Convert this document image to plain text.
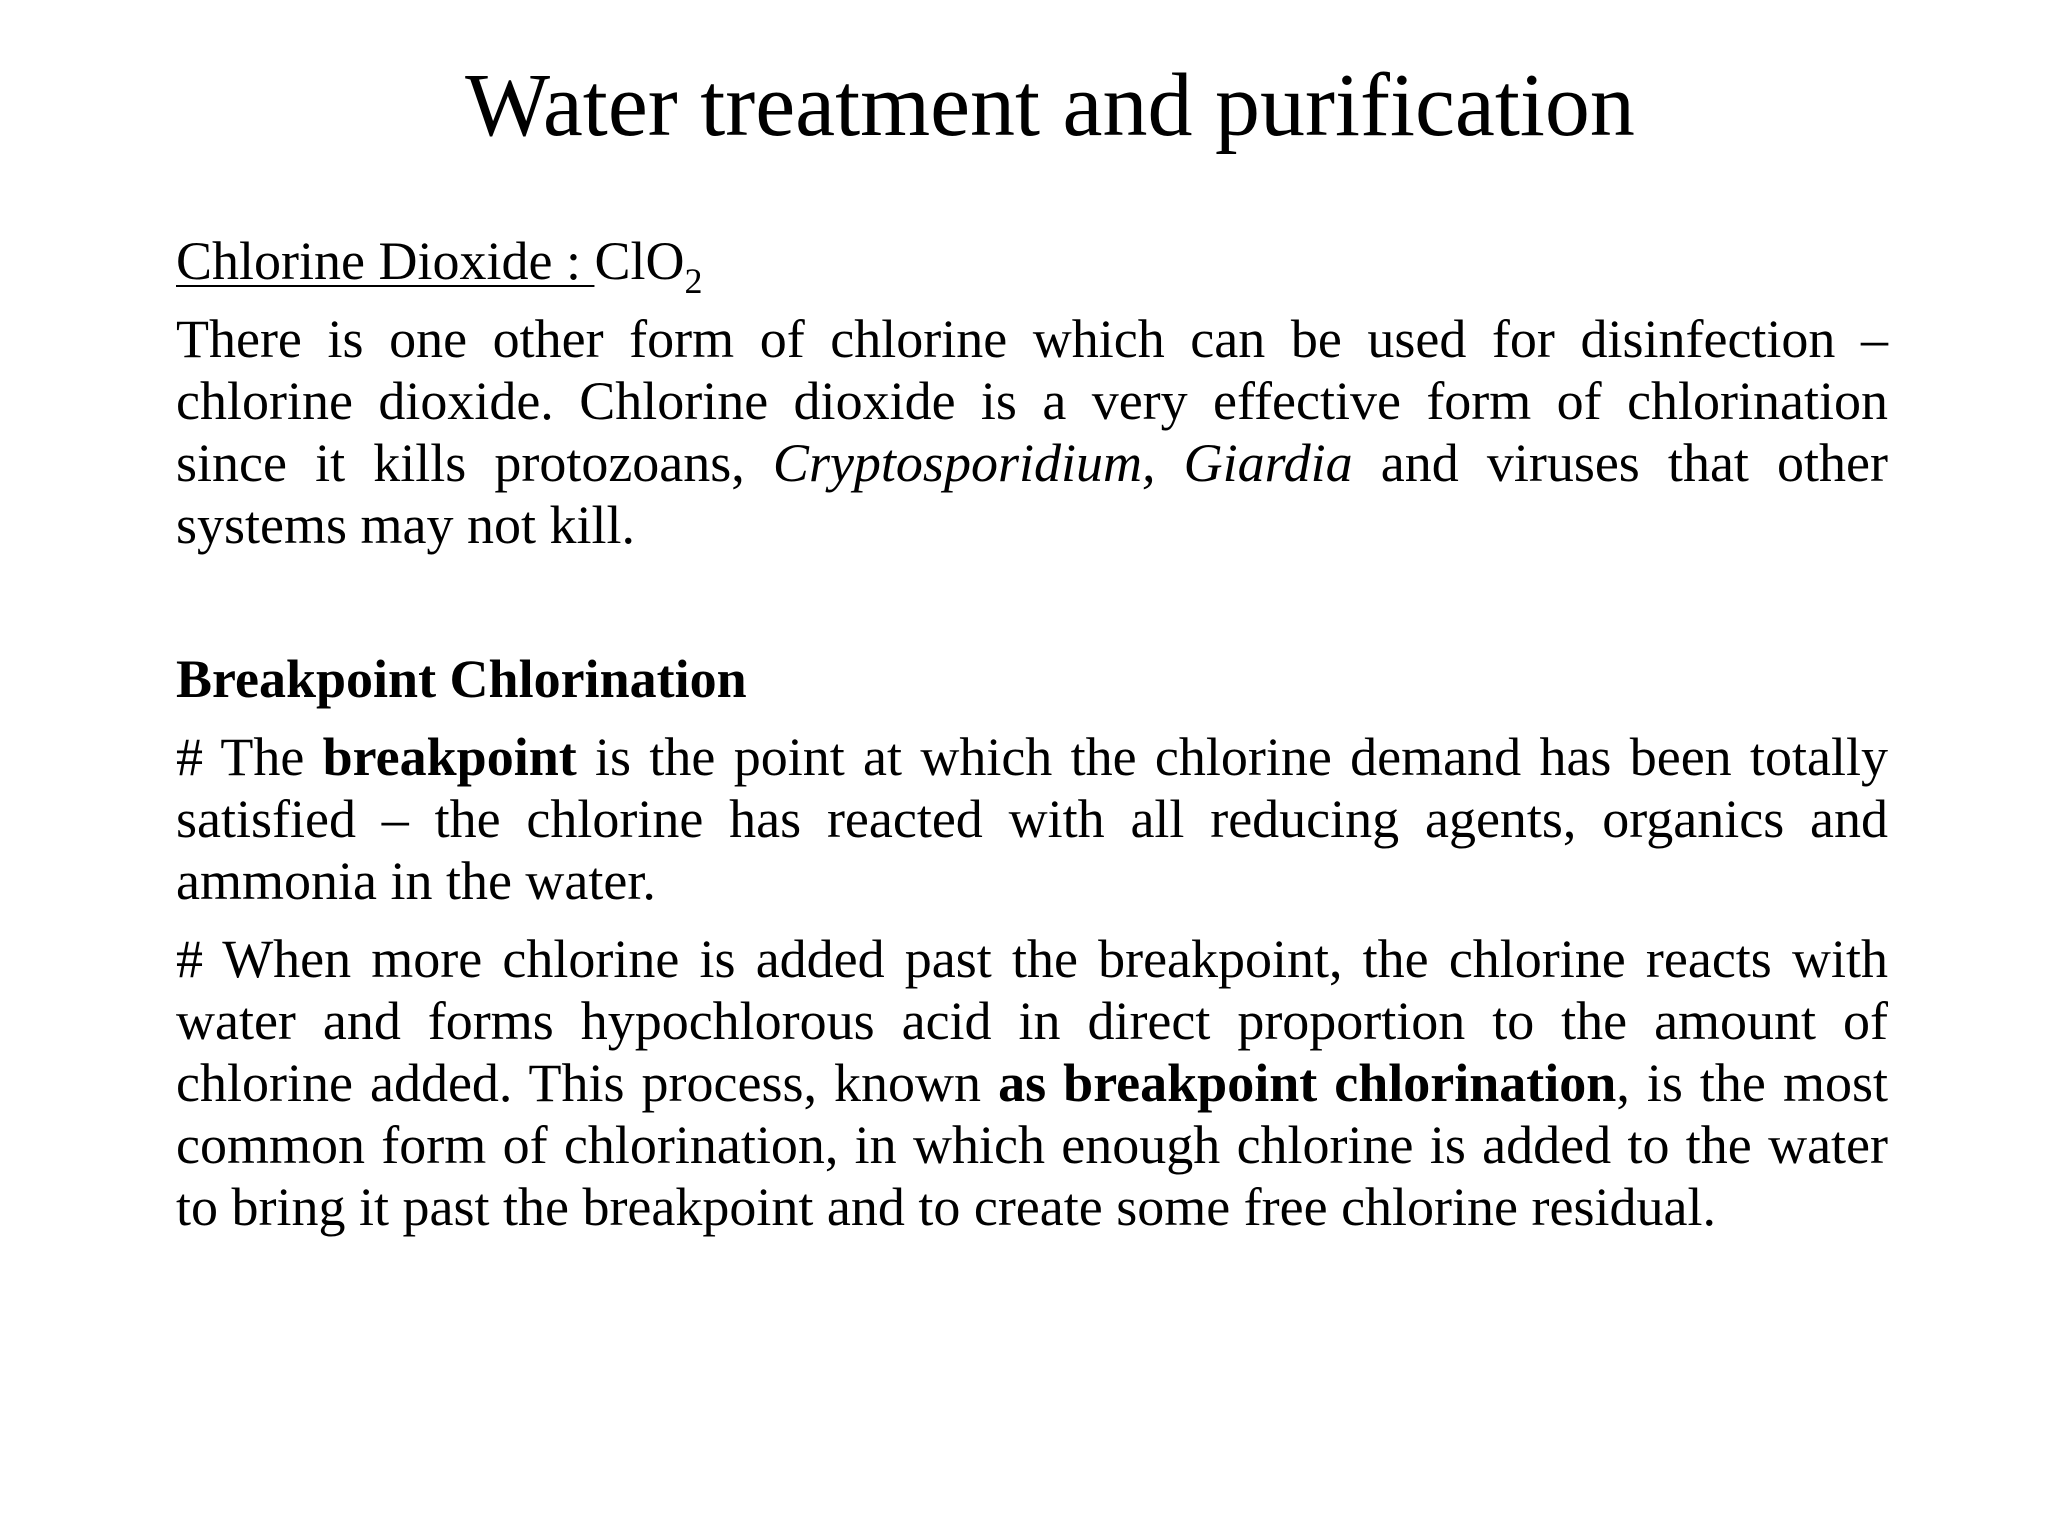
Water treatment and purification
Chlorine Dioxide : ClO$_2$

There is one other form of chlorine which can be used for disinfection – chlorine dioxide. Chlorine dioxide is a very effective form of chlorination since it kills protozoans, Cryptosporidium, Giardia and viruses that other systems may not kill.

Breakpoint Chlorination

# The breakpoint is the point at which the chlorine demand has been totally satisfied – the chlorine has reacted with all reducing agents, organics and ammonia in the water.

# When more chlorine is added past the breakpoint, the chlorine reacts with water and forms hypochlorous acid in direct proportion to the amount of chlorine added. This process, known as breakpoint chlorination, is the most common form of chlorination, in which enough chlorine is added to the water to bring it past the breakpoint and to create some free chlorine residual.
